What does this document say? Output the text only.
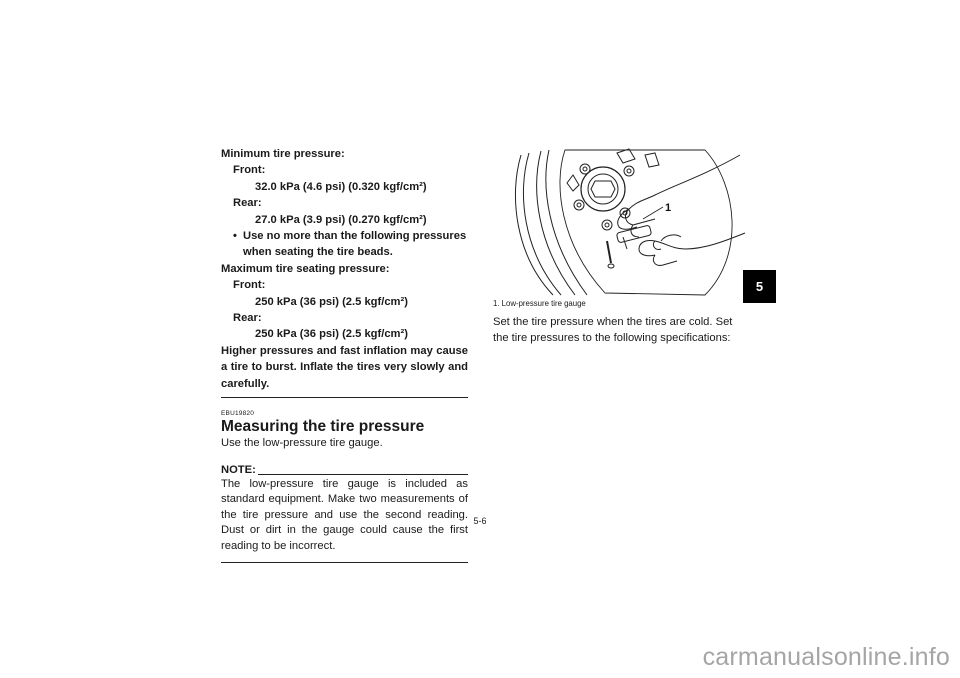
Minimum tire pressure:
Front:
32.0 kPa (4.6 psi) (0.320 kgf/cm²)
Rear:
27.0 kPa (3.9 psi) (0.270 kgf/cm²)
• Use no more than the following pressures when seating the tire beads.
Maximum tire seating pressure:
Front:
250 kPa (36 psi) (2.5 kgf/cm²)
Rear:
250 kPa (36 psi) (2.5 kgf/cm²)
Higher pressures and fast inflation may cause a tire to burst. Inflate the tires very slowly and carefully.
EBU19820
Measuring the tire pressure
Use the low-pressure tire gauge.
NOTE:
The low-pressure tire gauge is included as standard equipment. Make two measurements of the tire pressure and use the second reading. Dust or dirt in the gauge could cause the first reading to be incorrect.
1
1. Low-pressure tire gauge
Set the tire pressure when the tires are cold. Set the tire pressures to the following specifications:
5
5-6
carmanualsonline.info
